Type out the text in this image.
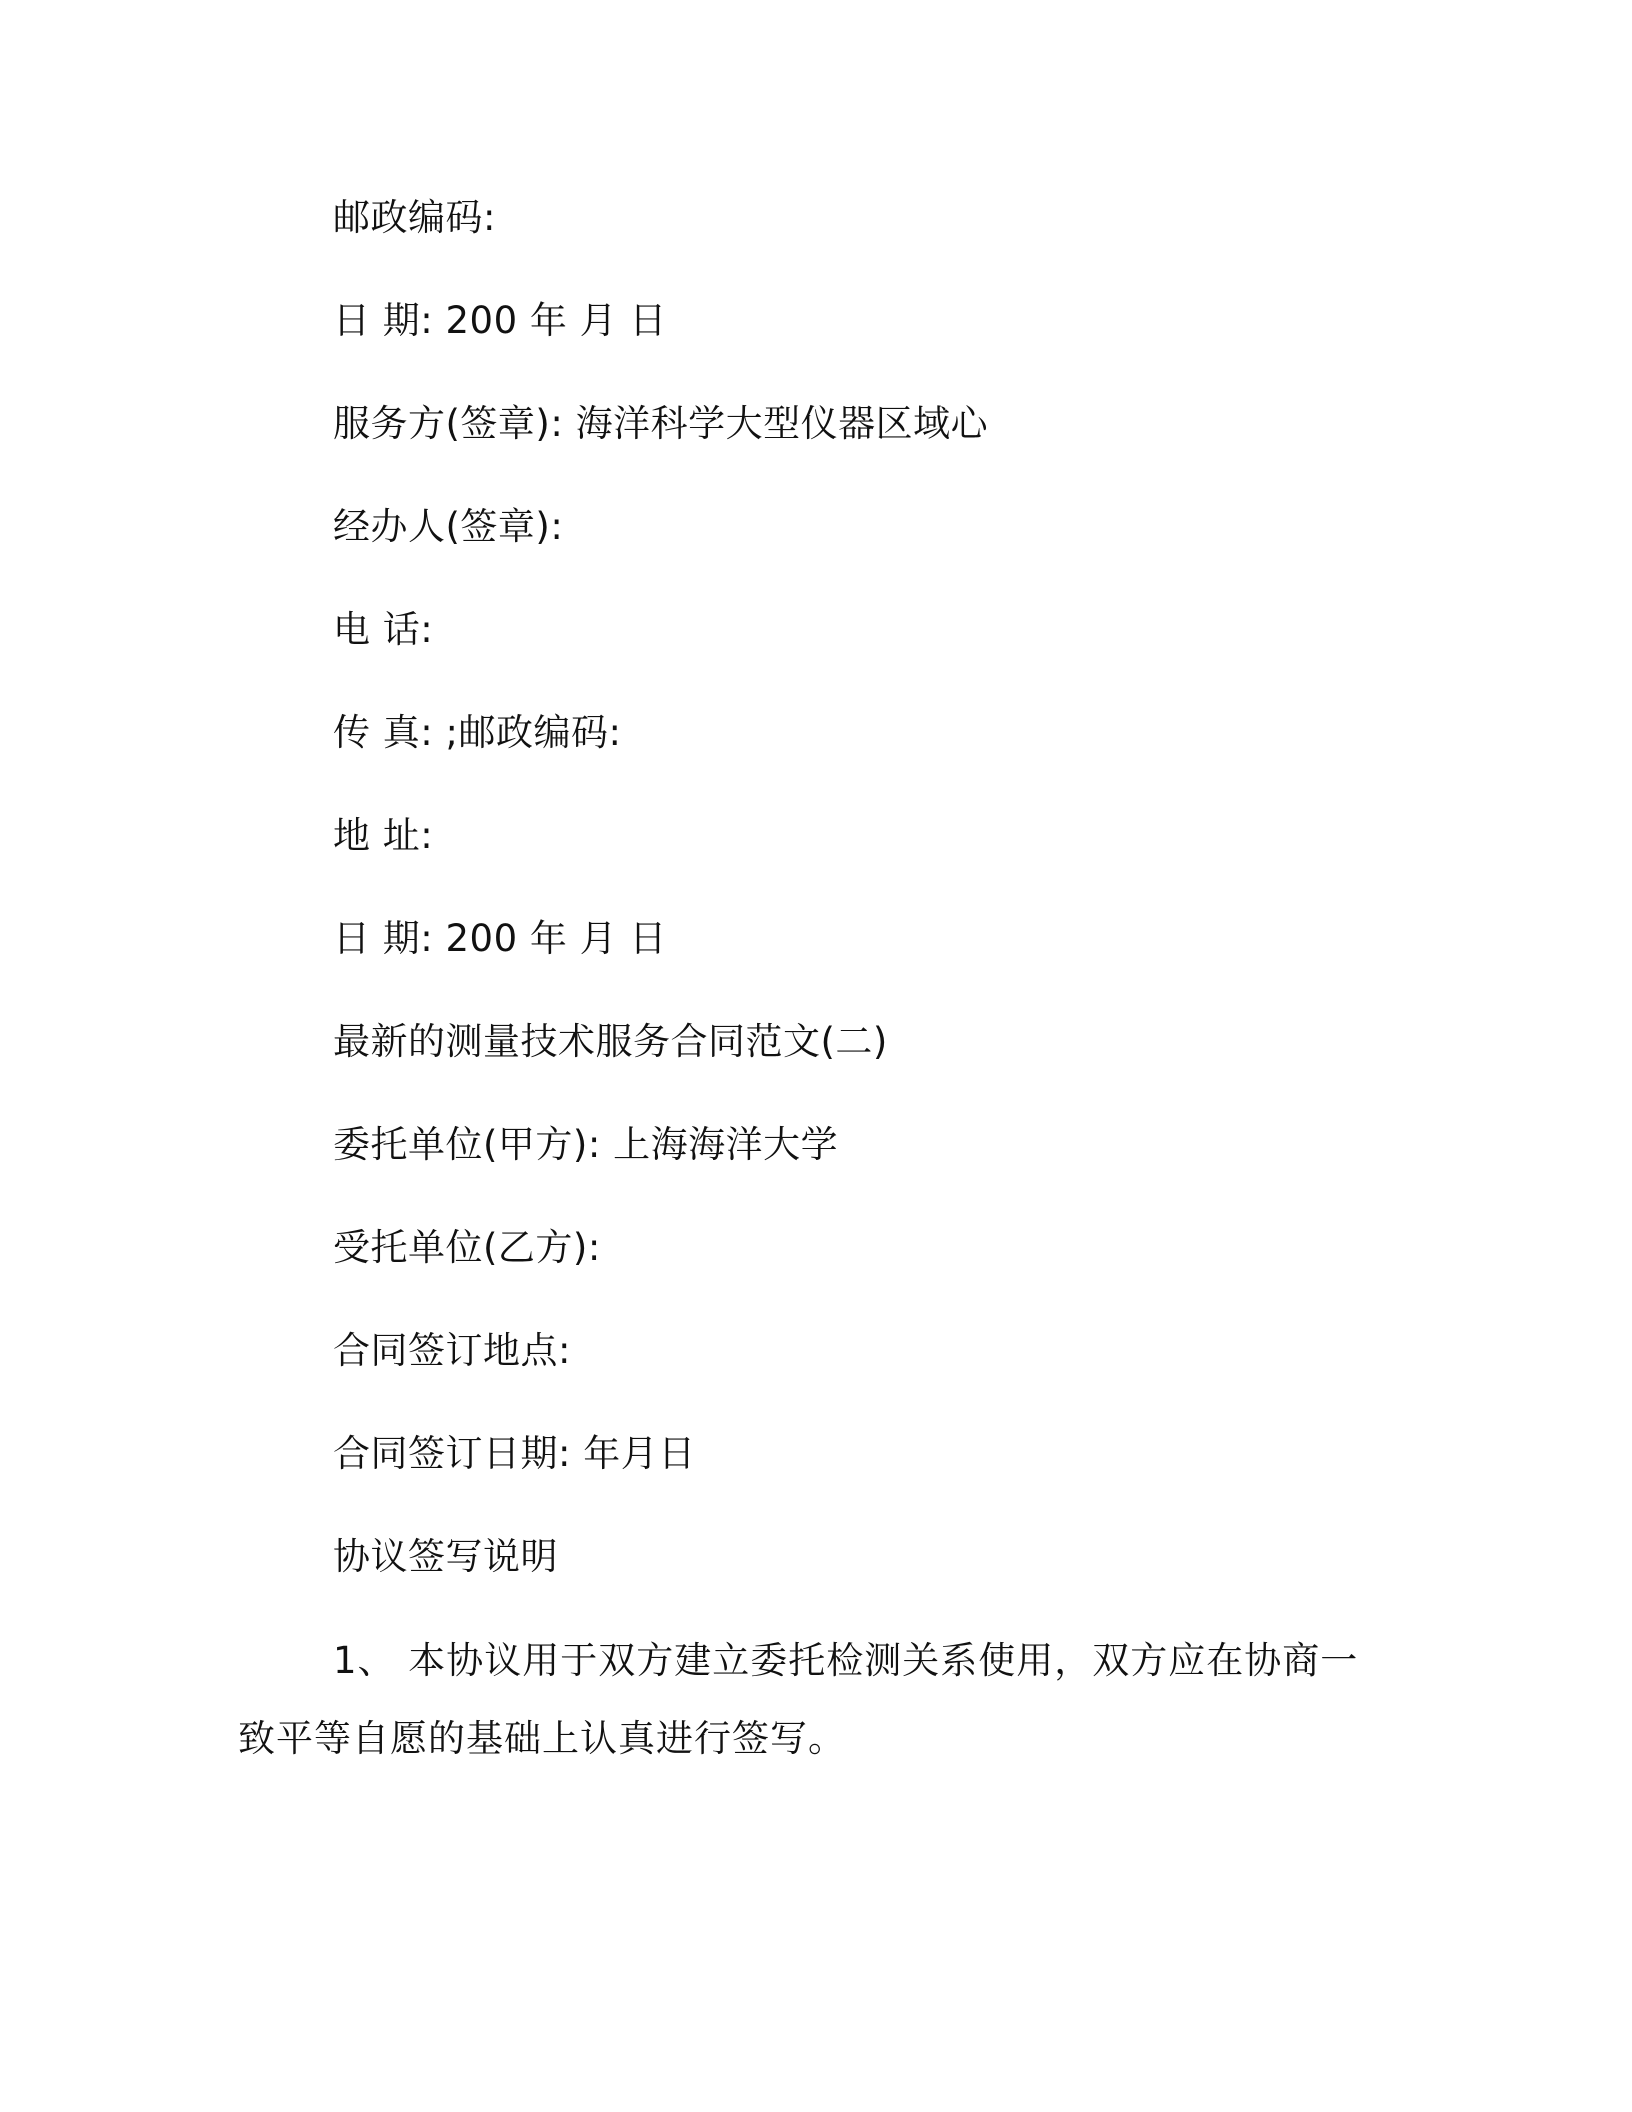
邮政编码:
日 期: 200 年 月 日
服务方(签章): 海洋科学大型仪器区域心
经办人(签章):
电 话:
传 真: ;邮政编码:
地 址:
日 期: 200 年 月 日
最新的测量技术服务合同范文(二)
委托单位(甲方): 上海海洋大学
受托单位(乙方):
合同签订地点:
合同签订日期: 年月日
协议签写说明
1、 本协议用于双方建立委托检测关系使用，双方应在协商一致平等自愿的基础上认真进行签写。
